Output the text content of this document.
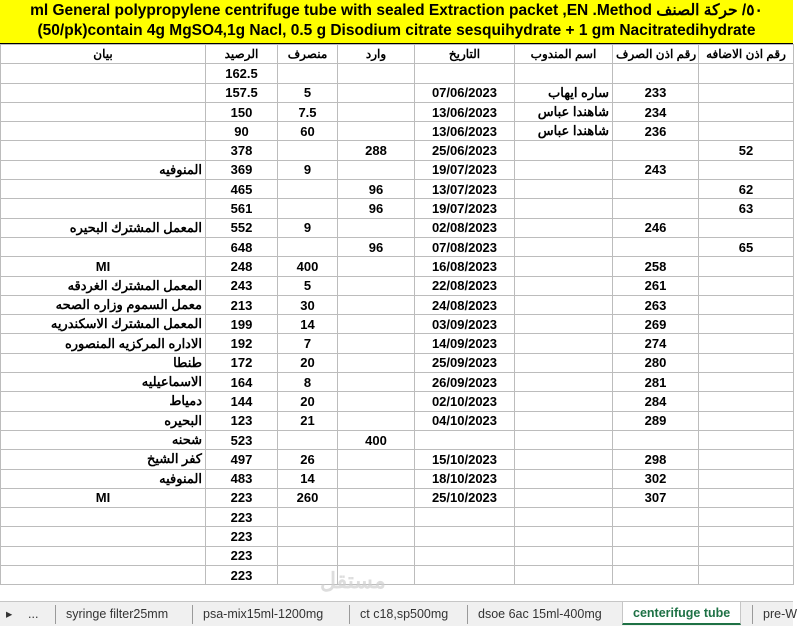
ml General polypropylene centrifuge tube with sealed Extraction packet ,EN .Method ٥٠/ حركة الصنف
(50/pk)contain 4g MgSO4,1g Nacl, 0.5 g Disodium citrate sesquihydrate + 1 gm Nacitratedihydrate
بيان	الرصيد	منصرف	وارد	التاريخ	اسم المندوب	رقم اذن الصرف	رقم اذن الاضافه
	162.5						
	157.5	5		07/06/2023	ساره ايهاب	233	
	150	7.5		13/06/2023	شاهندا عباس	234	
	90	60		13/06/2023	شاهندا عباس	236	
	378		288	25/06/2023			52
المنوفيه	369	9		19/07/2023		243	
	465		96	13/07/2023			62
	561		96	19/07/2023			63
المعمل المشترك البحيره	552	9		02/08/2023		246	
	648		96	07/08/2023			65
MI	248	400		16/08/2023		258	
المعمل المشترك الغردقه	243	5		22/08/2023		261	
معمل السموم وزاره الصحه	213	30		24/08/2023		263	
المعمل المشترك الاسكندريه	199	14		03/09/2023		269	
الاداره المركزيه المنصوره	192	7		14/09/2023		274	
طنطا	172	20		25/09/2023		280	
الاسماعيليه	164	8		26/09/2023		281	
دمياط	144	20		02/10/2023		284	
البحيره	123	21		04/10/2023		289	
شحنه	523		400				
كفر الشيخ	497	26		15/10/2023		298	
المنوفيه	483	14		18/10/2023		302	
MI	223	260		25/10/2023		307	
	223						
	223						
	223						
	223							مستقل
▸ ...	syringe filter25mm	psa-mix15ml-1200mg	ct c18,sp500mg	dsoe 6ac 15ml-400mg	centerifuge tube	pre-W
